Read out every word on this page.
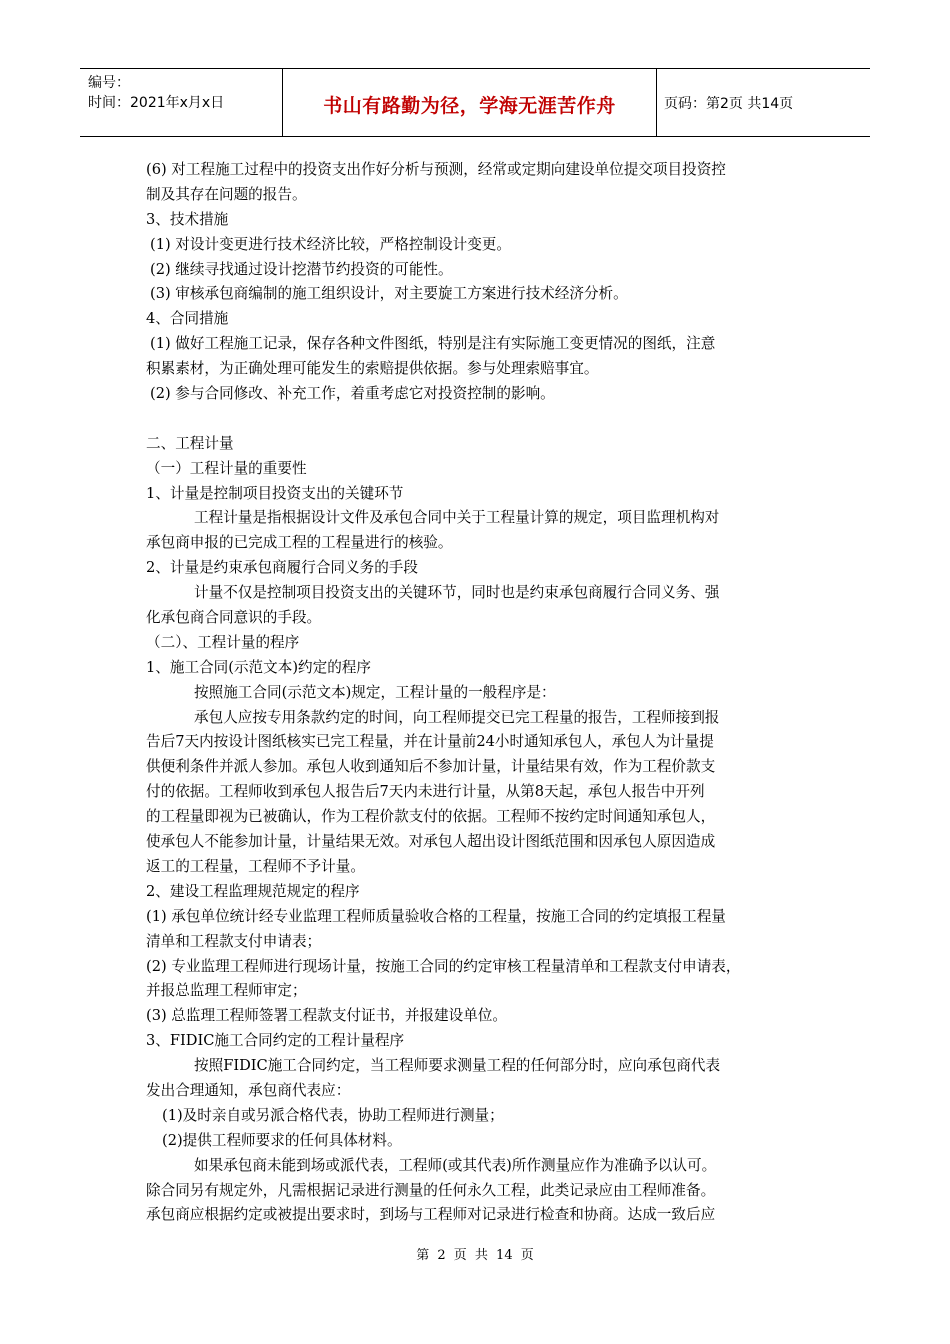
编号：
时间：2021年x月x日	书山有路勤为径，学海无涯苦作舟	页码：第2页 共14页
(6) 对工程施工过程中的投资支出作好分析与预测，经常或定期向建设单位提交项目投资控
制及其存在问题的报告。
3、技术措施
(1) 对设计变更进行技术经济比较，严格控制设计变更。
(2) 继续寻找通过设计挖潜节约投资的可能性。
(3) 审核承包商编制的施工组织设计，对主要旋工方案进行技术经济分析。
4、合同措施
(1) 做好工程施工记录，保存各种文件图纸，特别是注有实际施工变更情况的图纸，注意
积累素材，为正确处理可能发生的索赔提供依据。参与处理索赔事宜。
(2) 参与合同修改、补充工作，着重考虑它对投资控制的影响。
二、工程计量
（一）工程计量的重要性
1、计量是控制项目投资支出的关键环节
工程计量是指根据设计文件及承包合同中关于工程量计算的规定，项目监理机构对
承包商申报的已完成工程的工程量进行的核验。
2、计量是约束承包商履行合同义务的手段
计量不仅是控制项目投资支出的关键环节，同时也是约束承包商履行合同义务、强
化承包商合同意识的手段。
（二）、工程计量的程序
1、施工合同(示范文本)约定的程序
按照施工合同(示范文本)规定，工程计量的一般程序是：
承包人应按专用条款约定的时间，向工程师提交已完工程量的报告，工程师接到报
告后7天内按设计图纸核实已完工程量，并在计量前24小时通知承包人，承包人为计量提
供便利条件并派人参加。承包人收到通知后不参加计量，计量结果有效，作为工程价款支
付的依据。工程师收到承包人报告后7天内未进行计量，从第8天起，承包人报告中开列
的工程量即视为已被确认，作为工程价款支付的依据。工程师不按约定时间通知承包人，
使承包人不能参加计量，计量结果无效。对承包人超出设计图纸范围和因承包人原因造成
返工的工程量，工程师不予计量。
2、建设工程监理规范规定的程序
(1) 承包单位统计经专业监理工程师质量验收合格的工程量，按施工合同的约定填报工程量
清单和工程款支付申请表；
(2) 专业监理工程师进行现场计量，按施工合同的约定审核工程量清单和工程款支付申请表，
并报总监理工程师审定；
(3) 总监理工程师签署工程款支付证书，并报建设单位。
3、FIDIC施工合同约定的工程计量程序
按照FIDIC施工合同约定，当工程师要求测量工程的任何部分时，应向承包商代表
发出合理通知，承包商代表应：
(1)及时亲自或另派合格代表，协助工程师进行测量；
(2)提供工程师要求的任何具体材料。
如果承包商未能到场或派代表，工程师(或其代表)所作测量应作为准确予以认可。
除合同另有规定外，凡需根据记录进行测量的任何永久工程，此类记录应由工程师准备。
承包商应根据约定或被提出要求时，到场与工程师对记录进行检查和协商。达成一致后应
第 2 页 共 14 页
